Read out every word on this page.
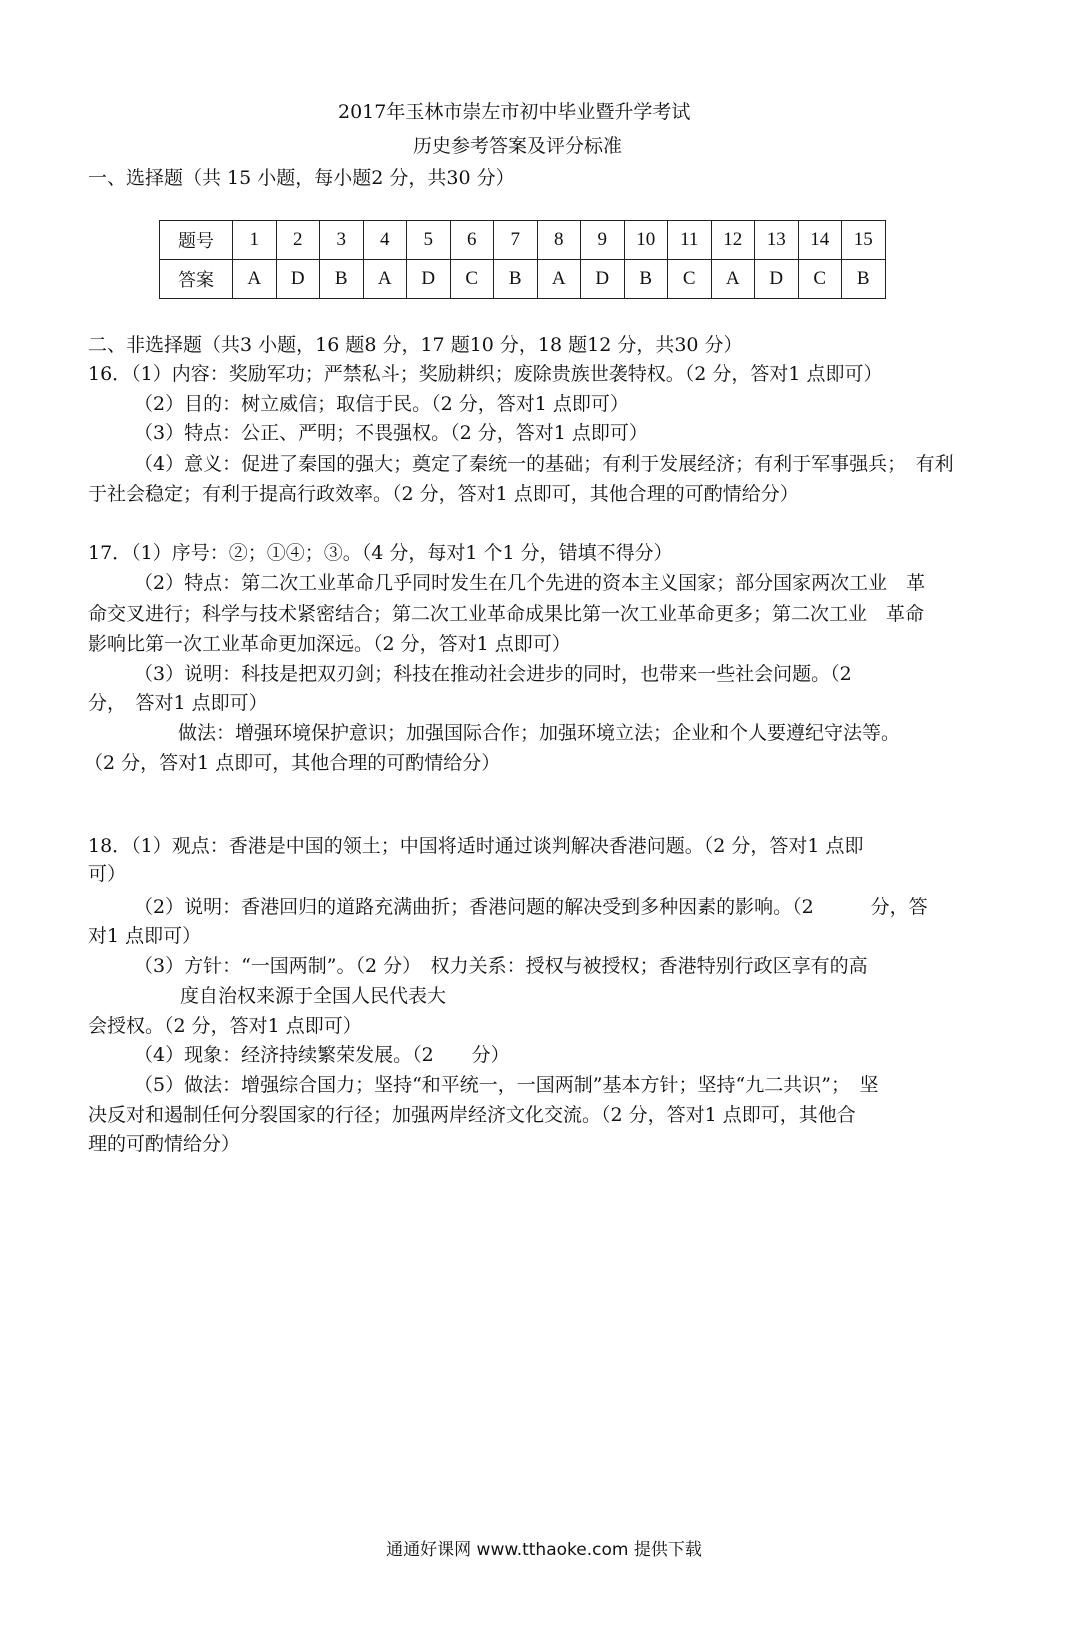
2017年玉林市崇左市初中毕业暨升学考试
历史参考答案及评分标准
一、选择题（共 15 小题，每小题2 分，共30 分）
题号	1	2	3	4	5	6	7	8	9	10	11	12	13	14	15
答案	A	D	B	A	D	C	B	A	D	B	C	A	D	C	B
二、非选择题（共3 小题，16 题8 分，17 题10 分，18 题12 分，共30 分）
16．（1）内容：奖励军功；严禁私斗；奖励耕织；废除贵族世袭特权。（2 分，答对1 点即可）
（2）目的：树立威信；取信于民。（2 分，答对1 点即可）
（3）特点：公正、严明；不畏强权。（2 分，答对1 点即可）
（4）意义：促进了秦国的强大；奠定了秦统一的基础；有利于发展经济；有利于军事强兵；　有利
于社会稳定；有利于提高行政效率。（2 分，答对1 点即可，其他合理的可酌情给分）
17．（1）序号：②；①④；③。（4 分，每对1 个1 分，错填不得分）
（2）特点：第二次工业革命几乎同时发生在几个先进的资本主义国家；部分国家两次工业　革
命交叉进行；科学与技术紧密结合；第二次工业革命成果比第一次工业革命更多；第二次工业　革命
影响比第一次工业革命更加深远。（2 分，答对1 点即可）
（3）说明：科技是把双刃剑；科技在推动社会进步的同时，也带来一些社会问题。（2
分，　答对1 点即可）
做法：增强环境保护意识；加强国际合作；加强环境立法；企业和个人要遵纪守法等。
（2 分，答对1 点即可，其他合理的可酌情给分）
18．（1）观点：香港是中国的领土；中国将适时通过谈判解决香港问题。（2 分，答对1 点即
可）
（2）说明：香港回归的道路充满曲折；香港问题的解决受到多种因素的影响。（2　　　分，答
对1 点即可）
（3）方针：“一国两制”。（2 分）　权力关系：授权与被授权；香港特别行政区享有的高
度自治权来源于全国人民代表大
会授权。（2 分，答对1 点即可）
（4）现象：经济持续繁荣发展。（2　　分）
（5）做法：增强综合国力；坚持“和平统一，一国两制”基本方针；坚持“九二共识”；　坚
决反对和遏制任何分裂国家的行径；加强两岸经济文化交流。（2 分，答对1 点即可，其他合
理的可酌情给分）
通通好课网 www.tthaoke.com 提供下载
